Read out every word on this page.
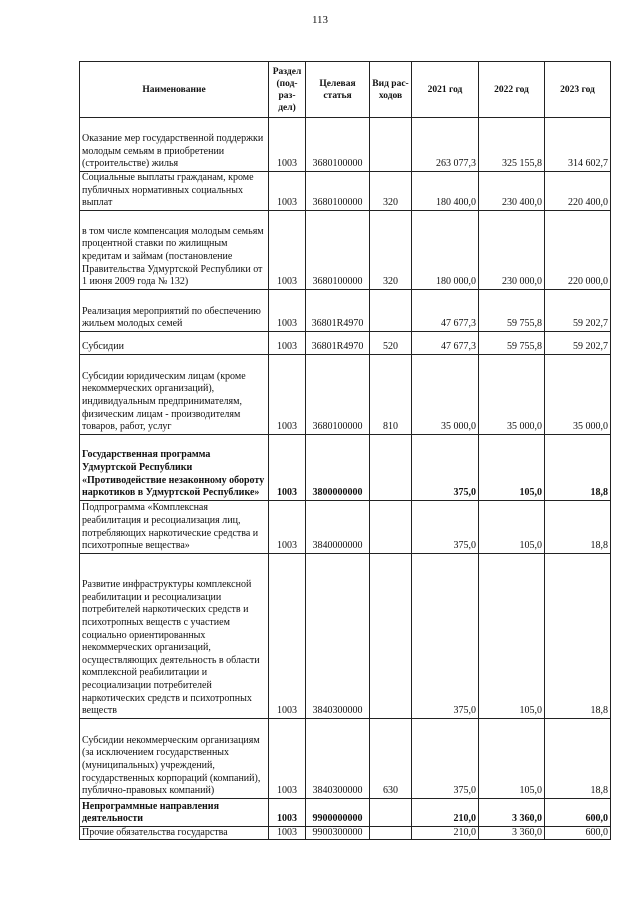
113
Наименование	Раздел (под-раз-дел)	Целевая статья	Вид рас-ходов	2021 год	2022 год	2023 год
Оказание мер государственной поддержки молодым семьям в приобретении (строительстве) жилья	1003	3680100000		263 077,3	325 155,8	314 602,7
Социальные выплаты гражданам, кроме публичных нормативных социальных выплат	1003	3680100000	320	180 400,0	230 400,0	220 400,0
в том числе компенсация молодым семьям процентной ставки по жилищным кредитам и займам (постановление Правительства Удмуртской Республики от 1 июня 2009 года № 132)	1003	3680100000	320	180 000,0	230 000,0	220 000,0
Реализация мероприятий по обеспечению жильем молодых семей	1003	36801R4970		47 677,3	59 755,8	59 202,7
Субсидии	1003	36801R4970	520	47 677,3	59 755,8	59 202,7
Субсидии юридическим лицам (кроме некоммерческих организаций), индивидуальным предпринимателям, физическим лицам - производителям товаров, работ, услуг	1003	3680100000	810	35 000,0	35 000,0	35 000,0
Государственная программа Удмуртской Республики «Противодействие незаконному обороту наркотиков в Удмуртской Республике»	1003	3800000000		375,0	105,0	18,8
Подпрограмма «Комплексная реабилитация и ресоциализация лиц, потребляющих наркотические средства и психотропные вещества»	1003	3840000000		375,0	105,0	18,8
Развитие инфраструктуры комплексной реабилитации и ресоциализации потребителей наркотических средств и психотропных веществ с участием социально ориентированных некоммерческих организаций, осуществляющих деятельность в области комплексной реабилитации и ресоциализации потребителей наркотических средств и психотропных веществ	1003	3840300000		375,0	105,0	18,8
Субсидии некоммерческим организациям (за исключением государственных (муниципальных) учреждений, государственных корпораций (компаний), публично-правовых компаний)	1003	3840300000	630	375,0	105,0	18,8
Непрограммные направления деятельности	1003	9900000000		210,0	3 360,0	600,0
Прочие обязательства государства	1003	9900300000		210,0	3 360,0	600,0
